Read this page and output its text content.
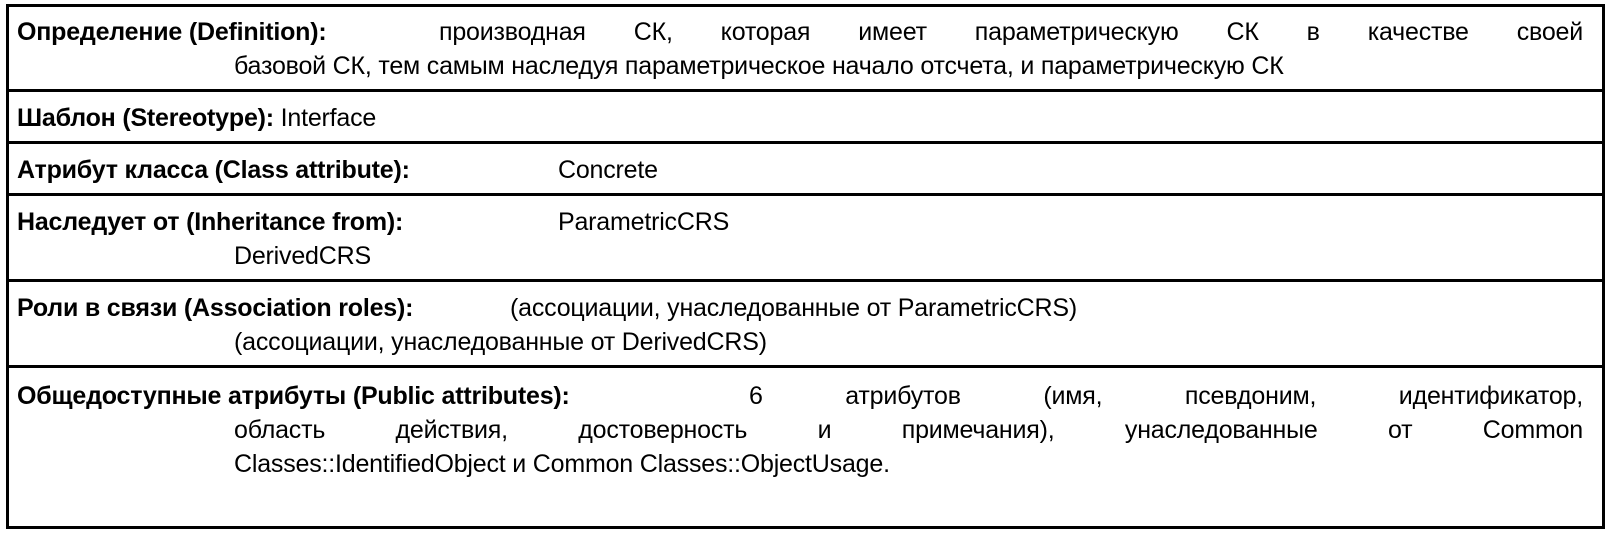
Определение (Definition):	производная СК, которая имеет параметрическую СК в качестве своей
базовой СК, тем самым наследуя параметрическое начало отсчета, и параметрическую СК
Шаблон (Stereotype): Interface
Атрибут класса (Class attribute):	Concrete
Наследует от (Inheritance from):	ParametricCRS
DerivedCRS
Роли в связи (Association roles):	(ассоциации, унаследованные от ParametricCRS)
(ассоциации, унаследованные от DerivedCRS)
Общедоступные атрибуты (Public attributes):	6 атрибутов (имя, псевдоним, идентификатор,
область действия, достоверность и примечания), унаследованные от Common
Classes::IdentifiedObject и Common Classes::ObjectUsage.
